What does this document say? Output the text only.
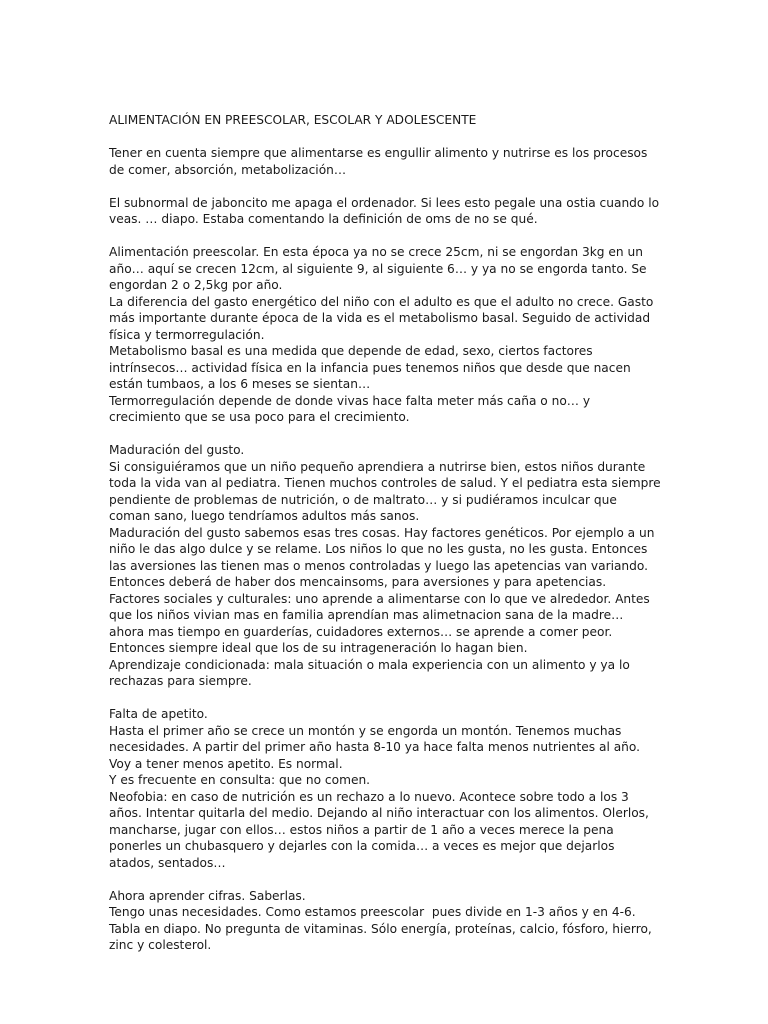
ALIMENTACIÓN EN PREESCOLAR, ESCOLAR Y ADOLESCENTE

Tener en cuenta siempre que alimentarse es engullir alimento y nutrirse es los procesos de comer, absorción, metabolización…

El subnormal de jaboncito me apaga el ordenador. Si lees esto pegale una ostia cuando lo veas. … diapo. Estaba comentando la definición de oms de no se qué.

Alimentación preescolar. En esta época ya no se crece 25cm, ni se engordan 3kg en un año… aquí se crecen 12cm, al siguiente 9, al siguiente 6… y ya no se engorda tanto. Se engordan 2 o 2,5kg por año.

La diferencia del gasto energético del niño con el adulto es que el adulto no crece. Gasto más importante durante época de la vida es el metabolismo basal. Seguido de actividad física y termorregulación.

Metabolismo basal es una medida que depende de edad, sexo, ciertos factores intrínsecos… actividad física en la infancia pues tenemos niños que desde que nacen están tumbaos, a los 6 meses se sientan…

Termorregulación depende de donde vivas hace falta meter más caña o no… y crecimiento que se usa poco para el crecimiento.

Maduración del gusto.

Si consiguiéramos que un niño pequeño aprendiera a nutrirse bien, estos niños durante toda la vida van al pediatra. Tienen muchos controles de salud. Y el pediatra esta siempre pendiente de problemas de nutrición, o de maltrato… y si pudiéramos inculcar que coman sano, luego tendríamos adultos más sanos.

Maduración del gusto sabemos esas tres cosas. Hay factores genéticos. Por ejemplo a un niño le das algo dulce y se relame. Los niños lo que no les gusta, no les gusta. Entonces las aversiones las tienen mas o menos controladas y luego las apetencias van variando. Entonces deberá de haber dos mencainsoms, para aversiones y para apetencias.

Factores sociales y culturales: uno aprende a alimentarse con lo que ve alrededor. Antes que los niños vivian mas en familia aprendían mas alimetnacion sana de la madre… ahora mas tiempo en guarderías, cuidadores externos… se aprende a comer peor. Entonces siempre ideal que los de su intrageneración lo hagan bien.

Aprendizaje condicionada: mala situación o mala experiencia con un alimento y ya lo rechazas para siempre.

Falta de apetito.

Hasta el primer año se crece un montón y se engorda un montón. Tenemos muchas necesidades. A partir del primer año hasta 8-10 ya hace falta menos nutrientes al año. Voy a tener menos apetito. Es normal.

Y es frecuente en consulta: que no comen.

Neofobia: en caso de nutrición es un rechazo a lo nuevo. Acontece sobre todo a los 3 años. Intentar quitarla del medio. Dejando al niño interactuar con los alimentos. Olerlos, mancharse, jugar con ellos… estos niños a partir de 1 año a veces merece la pena ponerles un chubasquero y dejarles con la comida… a veces es mejor que dejarlos atados, sentados…

Ahora aprender cifras. Saberlas.

Tengo unas necesidades. Como estamos preescolar  pues divide en 1-3 años y en 4-6.

Tabla en diapo. No pregunta de vitaminas. Sólo energía, proteínas, calcio, fósforo, hierro, zinc y colesterol.
